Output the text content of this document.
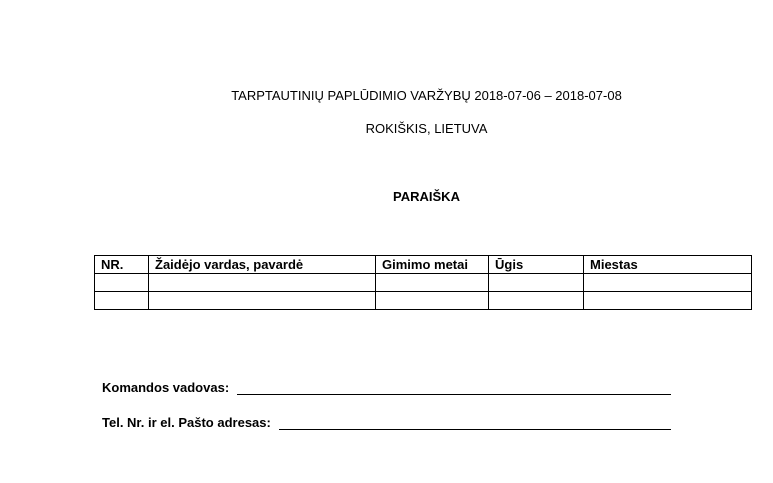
TARPTAUTINIŲ PAPLŪDIMIO VARŽYBŲ 2018-07-06 – 2018-07-08
ROKIŠKIS, LIETUVA
PARAIŠKA
NR.	Žaidėjo vardas, pavardė	Gimimo metai	Ūgis	Miestas

Komandos vadovas:
Tel. Nr. ir el. Pašto adresas:
